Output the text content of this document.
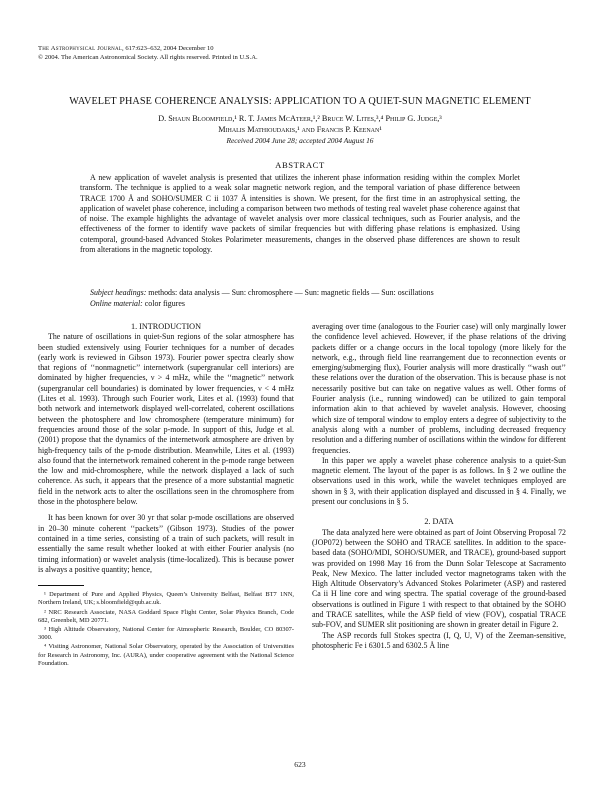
The Astrophysical Journal, 617:623–632, 2004 December 10
© 2004. The American Astronomical Society. All rights reserved. Printed in U.S.A.
WAVELET PHASE COHERENCE ANALYSIS: APPLICATION TO A QUIET-SUN MAGNETIC ELEMENT
D. Shaun Bloomfield,¹ R. T. James McAteer,¹,² Bruce W. Lites,³,⁴ Philip G. Judge,³
Mihalis Mathioudakis,¹ and Francis P. Keenan¹
Received 2004 June 28; accepted 2004 August 16
ABSTRACT
A new application of wavelet analysis is presented that utilizes the inherent phase information residing within the complex Morlet transform. The technique is applied to a weak solar magnetic network region, and the temporal variation of phase difference between TRACE 1700 Å and SOHO/SUMER C ii 1037 Å intensities is shown. We present, for the first time in an astrophysical setting, the application of wavelet phase coherence, including a comparison between two methods of testing real wavelet phase coherence against that of noise. The example highlights the advantage of wavelet analysis over more classical techniques, such as Fourier analysis, and the effectiveness of the former to identify wave packets of similar frequencies but with differing phase relations is emphasized. Using cotemporal, ground-based Advanced Stokes Polarimeter measurements, changes in the observed phase differences are shown to result from alterations in the magnetic topology.
Subject headings: methods: data analysis — Sun: chromosphere — Sun: magnetic fields — Sun: oscillations
Online material: color figures

1. INTRODUCTION

The nature of oscillations in quiet-Sun regions of the solar atmosphere has been studied extensively using Fourier techniques for a number of decades (early work is reviewed in Gibson 1973). Fourier power spectra clearly show that regions of ‘‘nonmagnetic’’ internetwork (supergranular cell interiors) are dominated by higher frequencies, ν > 4 mHz, while the ‘‘magnetic’’ network (supergranular cell boundaries) is dominated by lower frequencies, ν < 4 mHz (Lites et al. 1993). Through such Fourier work, Lites et al. (1993) found that both network and internetwork displayed well-correlated, coherent oscillations between the photosphere and low chromosphere (temperature minimum) for frequencies around those of the solar p-mode. In support of this, Judge et al. (2001) propose that the dynamics of the internetwork atmosphere are driven by high-frequency tails of the p-mode distribution. Meanwhile, Lites et al. (1993) also found that the internetwork remained coherent in the p-mode range between the low and mid-chromosphere, while the network displayed a lack of such coherence. As such, it appears that the presence of a more substantial magnetic field in the network acts to alter the oscillations seen in the chromosphere from those in the photosphere below.

It has been known for over 30 yr that solar p-mode oscillations are observed in 20–30 minute coherent ‘‘packets’’ (Gibson 1973). Studies of the power contained in a time series, consisting of a train of such packets, will result in essentially the same result whether looked at with either Fourier analysis (no timing information) or wavelet analysis (time-localized). This is because power is always a positive quantity; hence,

¹ Department of Pure and Applied Physics, Queen’s University Belfast, Belfast BT7 1NN, Northern Ireland, UK; s.bloomfield@qub.ac.uk.

² NRC Research Associate, NASA Goddard Space Flight Center, Solar Physics Branch, Code 682, Greenbelt, MD 20771.

³ High Altitude Observatory, National Center for Atmospheric Research, Boulder, CO 80307-3000.

⁴ Visiting Astronomer, National Solar Observatory, operated by the Association of Universities for Research in Astronomy, Inc. (AURA), under cooperative agreement with the National Science Foundation.

averaging over time (analogous to the Fourier case) will only marginally lower the confidence level achieved. However, if the phase relations of the driving packets differ or a change occurs in the local topology (more likely for the network, e.g., through field line rearrangement due to reconnection events or emerging/submerging flux), Fourier analysis will more drastically ‘‘wash out’’ these relations over the duration of the observation. This is because phase is not necessarily positive but can take on negative values as well. Other forms of Fourier analysis (i.e., running windowed) can be utilized to gain temporal information akin to that achieved by wavelet analysis. However, choosing which size of temporal window to employ enters a degree of subjectivity to the analysis along with a number of problems, including decreased frequency resolution and a differing number of oscillations within the window for different frequencies.

In this paper we apply a wavelet phase coherence analysis to a quiet-Sun magnetic element. The layout of the paper is as follows. In § 2 we outline the observations used in this work, while the wavelet techniques employed are shown in § 3, with their application displayed and discussed in § 4. Finally, we present our conclusions in § 5.

2. DATA

The data analyzed here were obtained as part of Joint Observing Proposal 72 (JOP072) between the SOHO and TRACE satellites. In addition to the space-based data (SOHO/MDI, SOHO/SUMER, and TRACE), ground-based support was provided on 1998 May 16 from the Dunn Solar Telescope at Sacramento Peak, New Mexico. The latter included vector magnetograms taken with the High Altitude Observatory’s Advanced Stokes Polarimeter (ASP) and rastered Ca ii H line core and wing spectra. The spatial coverage of the ground-based observations is outlined in Figure 1 with respect to that obtained by the SOHO and TRACE satellites, while the ASP field of view (FOV), cospatial TRACE sub-FOV, and SUMER slit positioning are shown in greater detail in Figure 2.

The ASP records full Stokes spectra (I, Q, U, V) of the Zeeman-sensitive, photospheric Fe i 6301.5 and 6302.5 Å line

623
